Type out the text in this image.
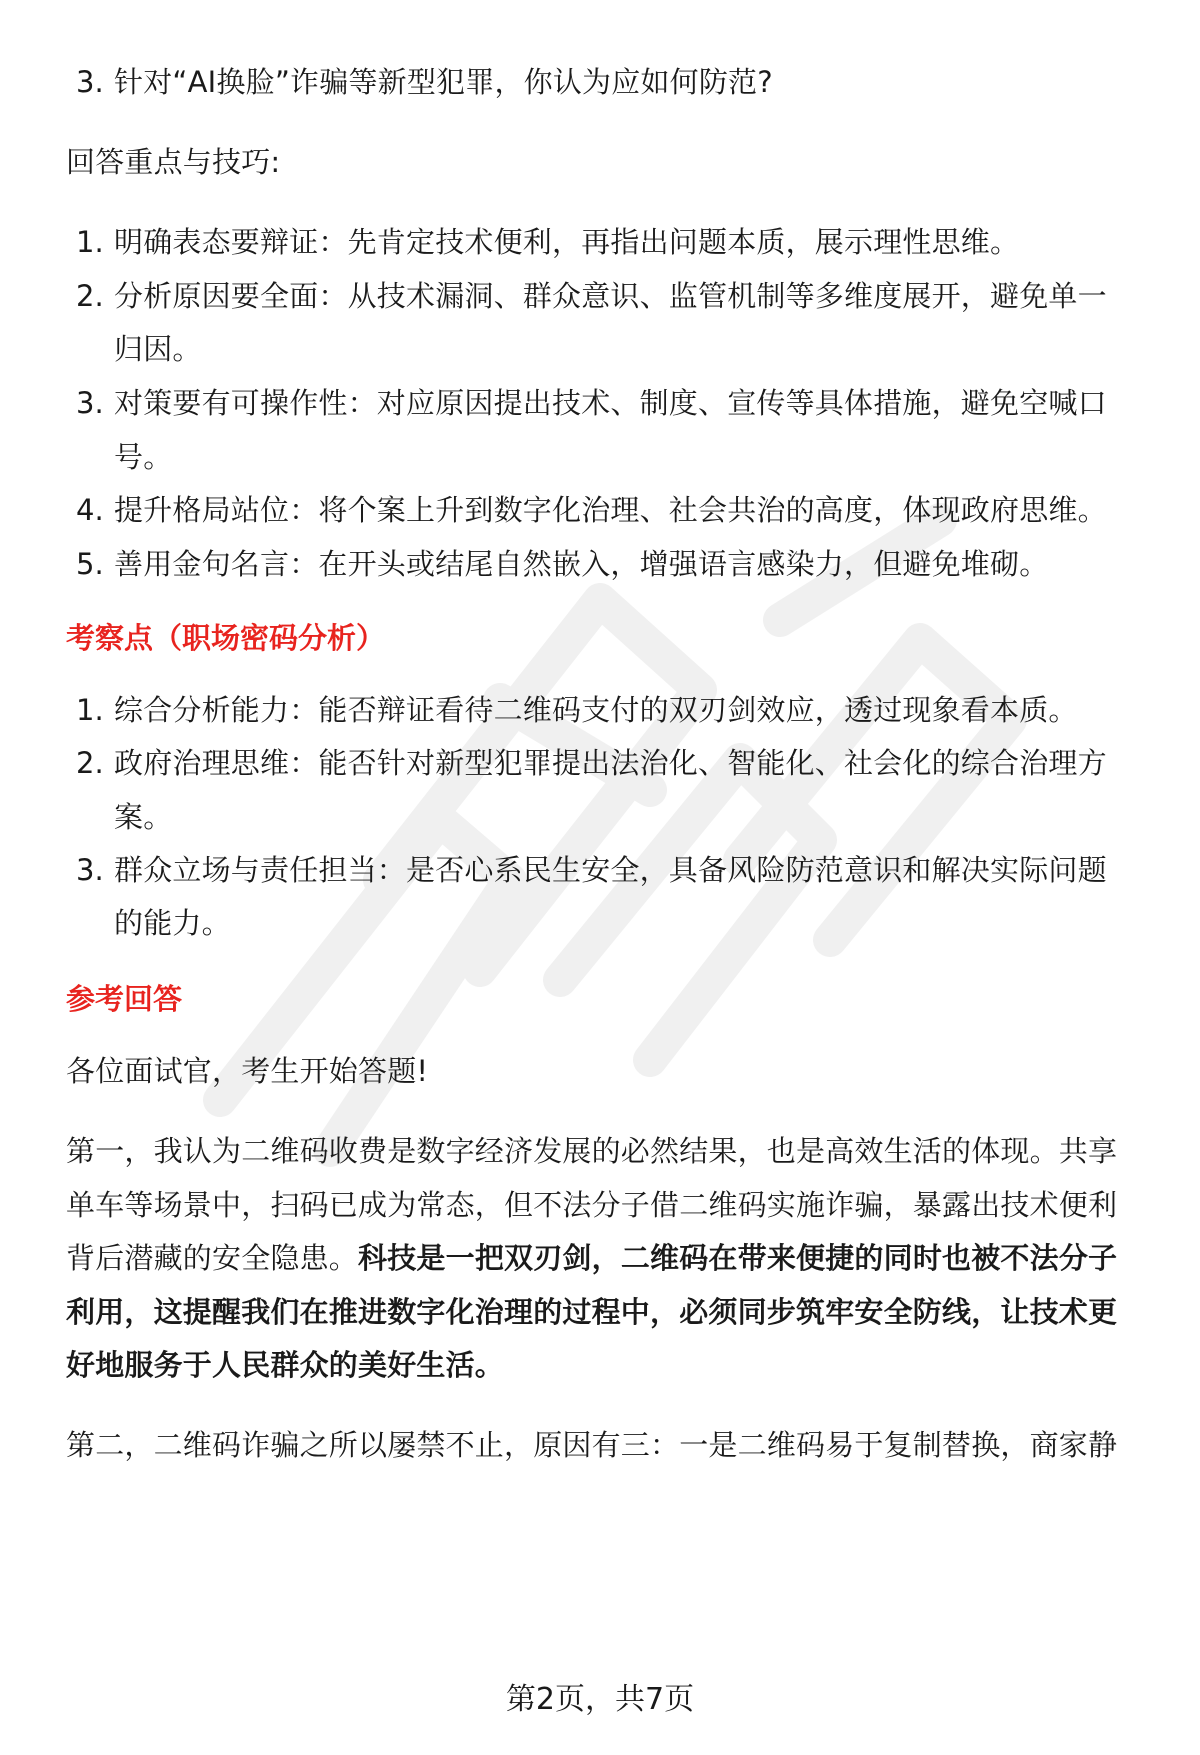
3. 针对“AI换脸”诈骗等新型犯罪，你认为应如何防范?
回答重点与技巧:
1. 明确表态要辩证：先肯定技术便利，再指出问题本质，展示理性思维。
2. 分析原因要全面：从技术漏洞、群众意识、监管机制等多维度展开，避免单一
归因。
3. 对策要有可操作性：对应原因提出技术、制度、宣传等具体措施，避免空喊口
号。
4. 提升格局站位：将个案上升到数字化治理、社会共治的高度，体现政府思维。
5. 善用金句名言：在开头或结尾自然嵌入，增强语言感染力，但避免堆砌。
考察点（职场密码分析）
1. 综合分析能力：能否辩证看待二维码支付的双刃剑效应，透过现象看本质。
2. 政府治理思维：能否针对新型犯罪提出法治化、智能化、社会化的综合治理方
案。
3. 群众立场与责任担当：是否心系民生安全，具备风险防范意识和解决实际问题
的能力。
参考回答
各位面试官，考生开始答题!
第一，我认为二维码收费是数字经济发展的必然结果，也是高效生活的体现。共享
单车等场景中，扫码已成为常态，但不法分子借二维码实施诈骗，暴露出技术便利
背后潜藏的安全隐患。科技是一把双刃剑，二维码在带来便捷的同时也被不法分子
利用，这提醒我们在推进数字化治理的过程中，必须同步筑牢安全防线，让技术更
好地服务于人民群众的美好生活。
第二，二维码诈骗之所以屡禁不止，原因有三：一是二维码易于复制替换，商家静
第2页，共7页
